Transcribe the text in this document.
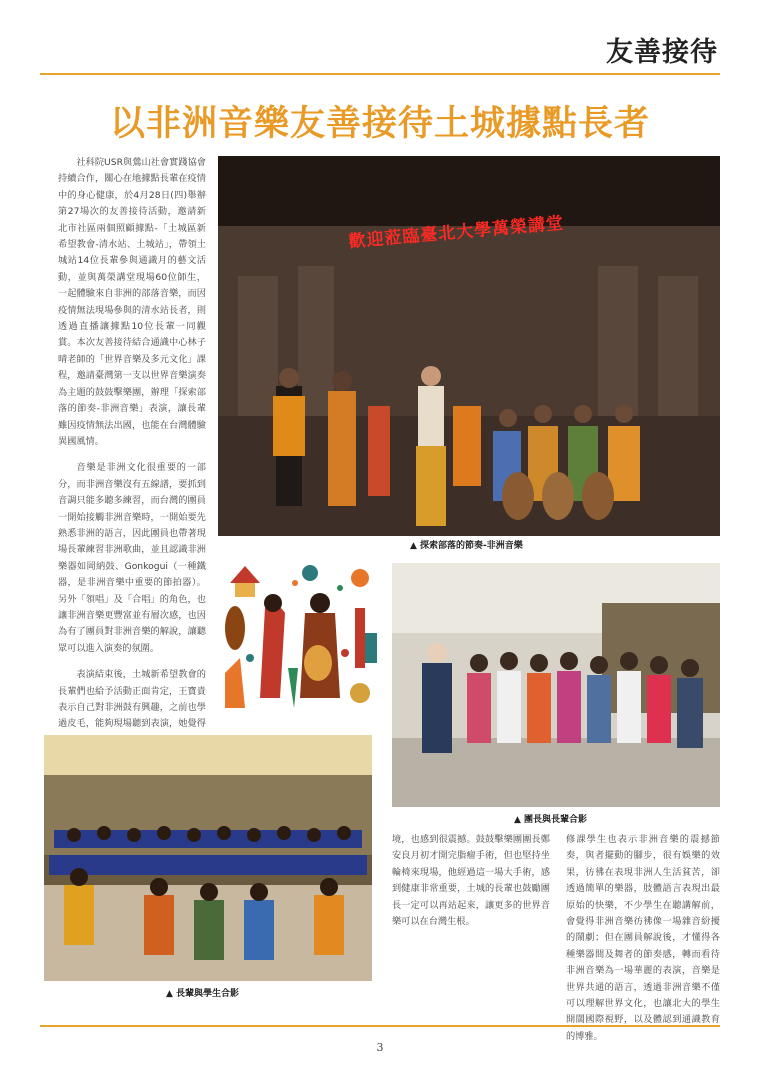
友善接待
以非洲音樂友善接待土城據點長者

社科院USR與鶯山社會實踐協會持續合作，關心在地據點長輩在疫情中的身心健康，於4月28日(四)舉辦第27場次的友善接待活動，邀請新北市社區兩個照顧據點-「土城區新希望教會-清水站、土城站」，帶領土城站14位長輩參與通識月的藝文活動，並與萬榮講堂現場60位師生，一起體驗來自非洲的部落音樂，而因疫情無法現場參與的清水站長者，則透過直播讓據點10位長輩一同觀賞。本次友善接待結合通識中心林子晴老師的「世界音樂及多元文化」課程，邀請臺灣第一支以世界音樂演奏為主題的鼓鼓擊樂團，辦理「探索部落的節奏-非洲音樂」表演，讓長輩雖因疫情無法出國，也能在台灣體驗異國風情。

音樂是非洲文化很重要的一部分，而非洲音樂沒有五線譜，要抓到音調只能多聽多練習，而台灣的團員一開始接觸非洲音樂時，一開始要先熟悉非洲的語言，因此團員也帶著現場長輩練習非洲歌曲，並且認識非洲樂器如岡納鼓、Gonkogui（一種鐵器，是非洲音樂中重要的節拍器）。另外「領唱」及「合唱」的角色，也讓非洲音樂更豐富並有層次感，也因為有了團員對非洲音樂的解說，讓聽眾可以進入演奏的氛圍。

表演結束後，土城新希望教會的長輩們也給予活動正面肯定，王寶貴表示自己對非洲鼓有興趣，之前也學過皮毛，能夠現場聽到表演，她覺得

歡迎蒞臨臺北大學萬榮講堂
▲ 探索部落的節奏-非洲音樂
▲ 團長與長輩合影
▲ 長輩與學生合影

境，也感到很震撼。鼓鼓擊樂團團長鄭安良月初才開完脂瘤手術，但也堅持坐輪椅來現場，他經過這一場大手術，感到健康非常重要，土城的長輩也鼓勵團長一定可以再站起來，讓更多的世界音樂可以在台灣生根。

修課學生也表示非洲音樂的震撼節奏，與者擺動的腳步，很有娛樂的效果，彷彿在表現非洲人生活貧苦，卻透過簡單的樂器，肢體語言表現出最原始的快樂，不少學生在聽講解前，會覺得非洲音樂彷彿像一場雜音紛擾的鬧劇；但在團員解說後，才懂得各種樂器間及舞者的節奏感，轉而看待非洲音樂為一場華麗的表演，音樂是世界共通的語言，透過非洲音樂不僅可以理解世界文化，也讓北大的學生開闊國際視野，以及體認到通識教育的博雅。

3
